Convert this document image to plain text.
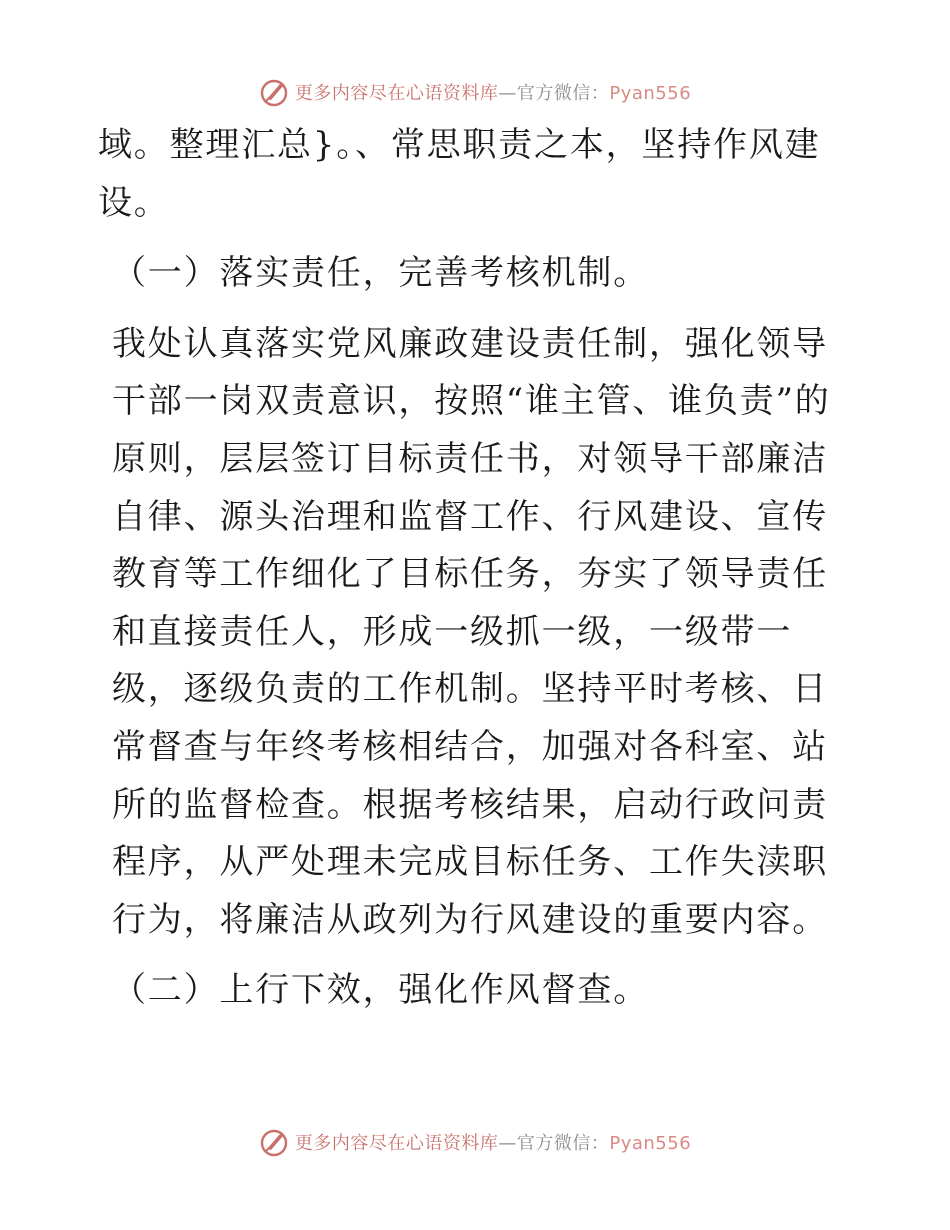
更多内容尽在心语资料库—官方微信：Pyan556

域。整理汇总}。、常思职责之本，坚持作风建设。

（一）落实责任，完善考核机制。

我处认真落实党风廉政建设责任制，强化领导干部一岗双责意识，按照“谁主管、谁负责”的原则，层层签订目标责任书，对领导干部廉洁自律、源头治理和监督工作、行风建设、宣传教育等工作细化了目标任务，夯实了领导责任和直接责任人，形成一级抓一级，一级带一级，逐级负责的工作机制。坚持平时考核、日常督查与年终考核相结合，加强对各科室、站所的监督检查。根据考核结果，启动行政问责程序，从严处理未完成目标任务、工作失渎职行为，将廉洁从政列为行风建设的重要内容。

（二）上行下效，强化作风督查。

更多内容尽在心语资料库—官方微信：Pyan556
